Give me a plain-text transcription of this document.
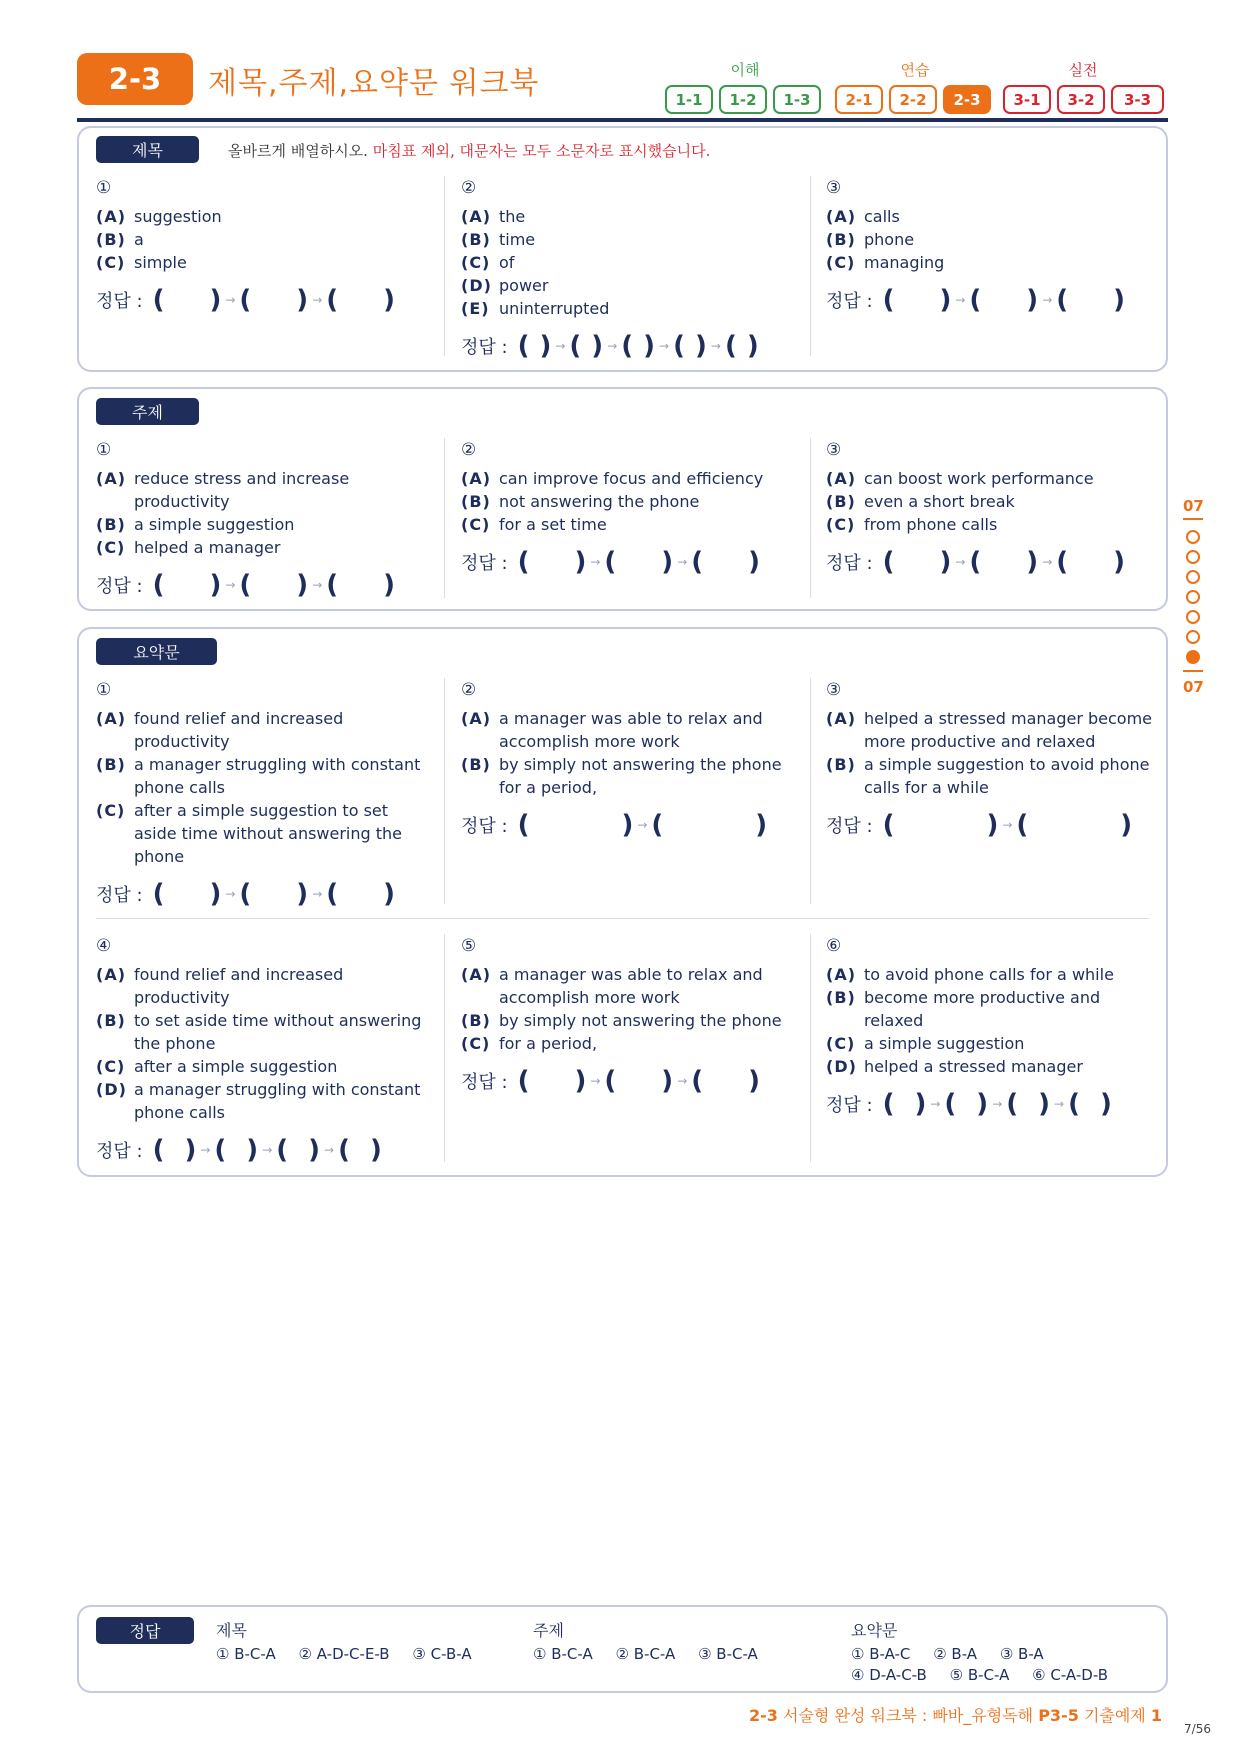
2-3	제목,주제,요약문 워크북	이해	연습	실전
1-1	1-2	1-3	2-1	2-2	2-3	3-1	3-2	3-3
07
07
제목	올바르게 배열하시오. 마침표 제외, 대문자는 모두 소문자로 표시했습니다.
①
(A) suggestion
(B) a
(C) simple
정답 : ( ) → ( ) → ( )
②
(A) the
(B) time
(C) of
(D) power
(E) uninterrupted
정답 : ( ) → ( ) → ( ) → ( ) → ( )
③
(A) calls
(B) phone
(C) managing
정답 : ( ) → ( ) → ( )
주제
①
(A) reduce stress and increase productivity
(B) a simple suggestion
(C) helped a manager
정답 : ( ) → ( ) → ( )
②
(A) can improve focus and efficiency
(B) not answering the phone
(C) for a set time
정답 : ( ) → ( ) → ( )
③
(A) can boost work performance
(B) even a short break
(C) from phone calls
정답 : ( ) → ( ) → ( )
요약문
①
(A) found relief and increased productivity
(B) a manager struggling with constant phone calls
(C) after a simple suggestion to set aside time without answering the phone
정답 : ( ) → ( ) → ( )
②
(A) a manager was able to relax and accomplish more work
(B) by simply not answering the phone for a period,
정답 : (	) → (	)
③
(A) helped a stressed manager become more productive and relaxed
(B) a simple suggestion to avoid phone calls for a while
정답 : (	) → (	)
④
(A) found relief and increased productivity
(B) to set aside time without answering the phone
(C) after a simple suggestion
(D) a manager struggling with constant phone calls
정답 : ( ) → ( ) → ( ) → ( )
⑤
(A) a manager was able to relax and accomplish more work
(B) by simply not answering the phone
(C) for a period,
정답 : ( ) → ( ) → ( )
⑥
(A) to avoid phone calls for a while
(B) become more productive and relaxed
(C) a simple suggestion
(D) helped a stressed manager
정답 : ( ) → ( ) → ( ) → ( )
정답	제목
① B-C-A ② A-D-C-E-B ③ C-B-A
주제
① B-C-A ② B-C-A ③ B-C-A
요약문
① B-A-C ② B-A ③ B-A
④ D-A-C-B ⑤ B-C-A ⑥ C-A-D-B
2-3 서술형 완성 워크북 : 빠바_유형독해 P3-5 기출예제 1
7/56
